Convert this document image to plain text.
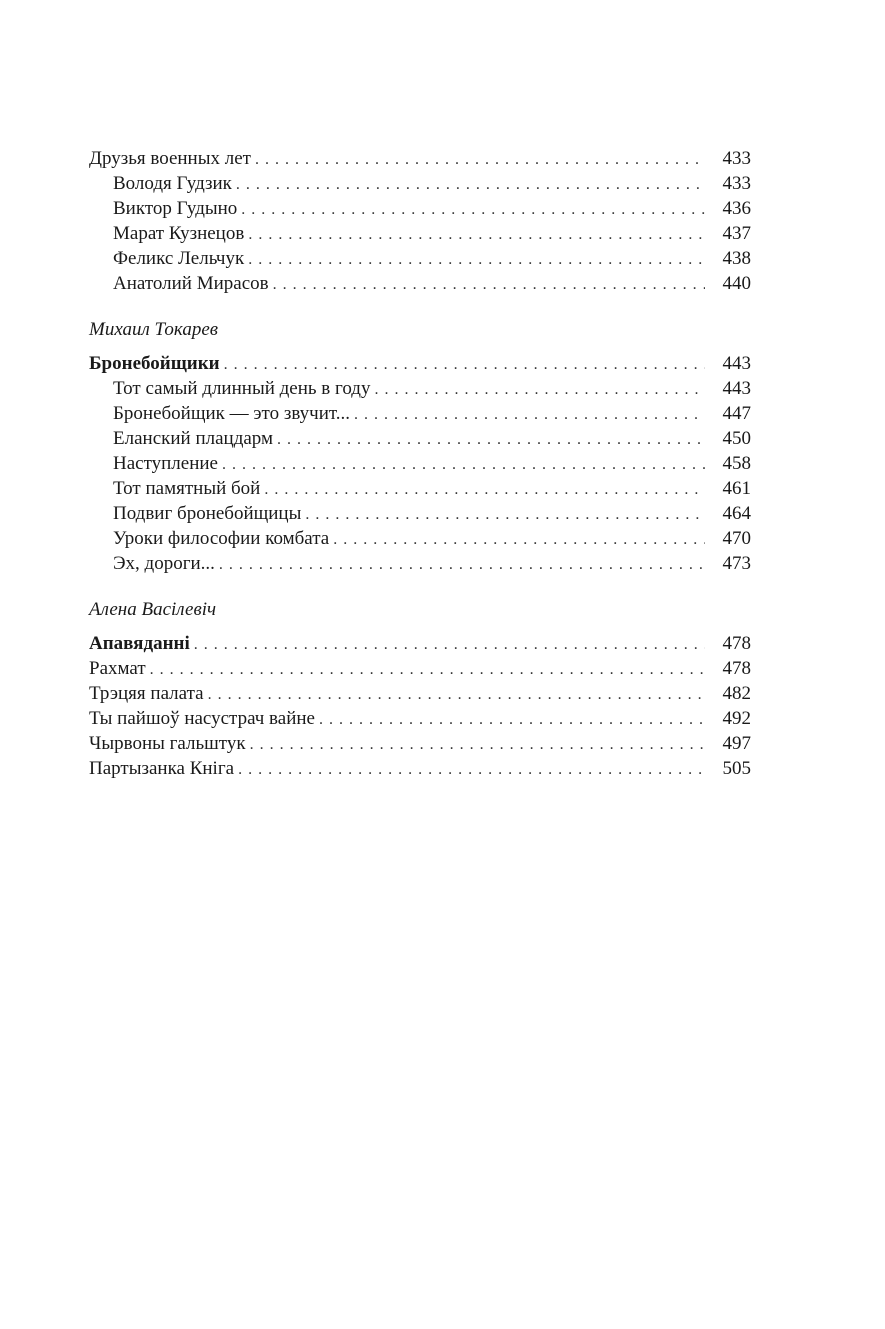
Друзья военных лет . . .	433
Володя Гудзик . . .	433
Виктор Гудыно . . .	436
Марат Кузнецов . . .	437
Феликс Лельчук . . .	438
Анатолий Мирасов . . .	440
Михаил Токарев
Бронебойщики . . .	443
Тот самый длинный день в году . . .	443
Бронебойщик — это звучит... . . .	447
Еланский плацдарм . . .	450
Наступление . . .	458
Тот памятный бой . . .	461
Подвиг бронебойщицы . . .	464
Уроки философии комбата . . .	470
Эх, дороги... . . .	473
Алена Васілевіч
Апавяданні . . .	478
Рахмат . . .	478
Трэцяя палата . . .	482
Ты пайшоў насустрач вайне . . .	492
Чырвоны гальштук . . .	497
Партызанка Кніга . . .	505
